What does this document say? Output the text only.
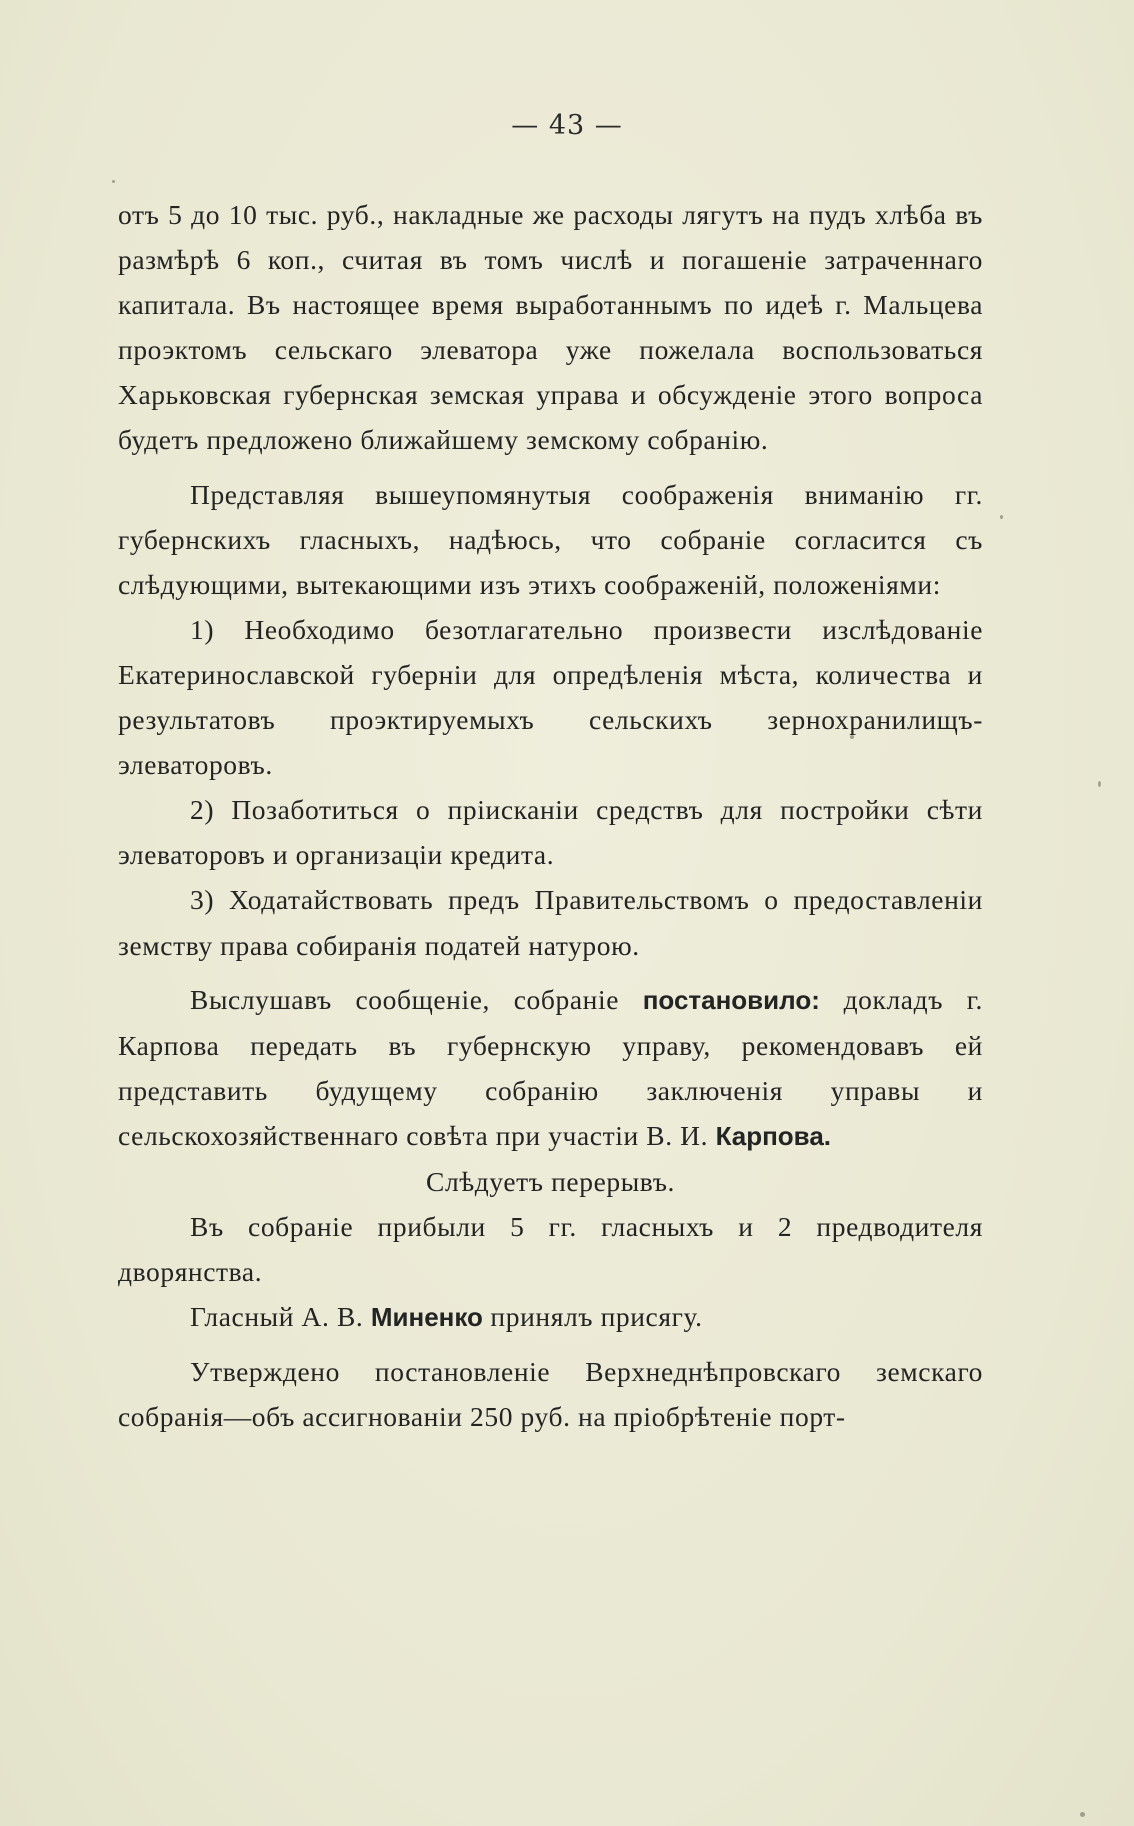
— 43 —

отъ 5 до 10 тыс. руб., накладные же расходы лягутъ на пудъ хлѣба въ размѣрѣ 6 коп., считая въ томъ числѣ и погашеніе затраченнаго капитала. Въ настоящее время выработаннымъ по идеѣ г. Мальцева проэктомъ сельскаго элеватора уже пожелала воспользоваться Харьковская губернская земская управа и обсужденіе этого вопроса будетъ предложено ближайшему земскому собранію.

Представляя вышеупомянутыя соображенія вниманію гг. губернскихъ гласныхъ, надѣюсь, что собраніе согласится съ слѣдующими, вытекающими изъ этихъ соображеній, положеніями:

1) Необходимо безотлагательно произвести изслѣдованіе Екатеринославской губерніи для опредѣленія мѣста, количества и результатовъ проэктируемыхъ сельскихъ зернохранилищъ-элеваторовъ.

2) Позаботиться о пріисканіи средствъ для постройки сѣти элеваторовъ и организаціи кредита.

3) Ходатайствовать предъ Правительствомъ о предоставленіи земству права собиранія податей натурою.

Выслушавъ сообщеніе, собраніе постановило: докладъ г. Карпова передать въ губернскую управу, рекомендовавъ ей представить будущему собранію заключенія управы и сельскохозяйственнаго совѣта при участіи В. И. Карпова.

Слѣдуетъ перерывъ.

Въ собраніе прибыли 5 гг. гласныхъ и 2 предводителя дворянства.

Гласный А. В. Миненко принялъ присягу.

Утверждено постановленіе Верхнеднѣпровскаго земскаго собранія—объ ассигнованіи 250 руб. на пріобрѣтеніе порт-
